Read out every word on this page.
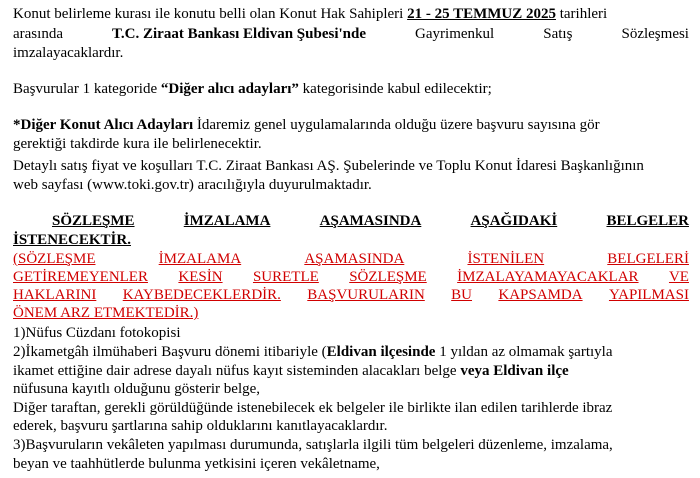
Konut belirleme kurası ile konutu belli olan Konut Hak Sahipleri 21 - 25 TEMMUZ 2025 tarihleri
arasında	T.C. Ziraat Bankası Eldivan Şubesi'nde	Gayrimenkul	Satış	Sözleşmesi
imzalayacaklardır.
Başvurular 1 kategoride “Diğer alıcı adayları” kategorisinde kabul edilecektir;
*Diğer Konut Alıcı Adayları İdaremiz genel uygulamalarında olduğu üzere başvuru sayısına gör
gerektiği takdirde kura ile belirlenecektir.
Detaylı satış fiyat ve koşulları T.C. Ziraat Bankası AŞ. Şubelerinde ve Toplu Konut İdaresi Başkanlığının
web sayfası (www.toki.gov.tr) aracılığıyla duyurulmaktadır.
SÖZLEŞME	İMZALAMA	AŞAMASINDA	AŞAĞIDAKİ	BELGELER
İSTENECEKTİR.
(SÖZLEŞME	İMZALAMA	AŞAMASINDA	İSTENİLEN	BELGELERİ
GETİREMEYENLER KESİN SURETLE SÖZLEŞME İMZALAYAMAYACAKLAR VE
HAKLARINI KAYBEDECEKLERDİR. BAŞVURULARIN BU KAPSAMDA YAPILMASI
ÖNEM ARZ ETMEKTEDİR.)
1)Nüfus Cüzdanı fotokopisi
2)İkametgâh ilmühaberi Başvuru dönemi itibariyle (Eldivan ilçesinde 1 yıldan az olmamak şartıyla
ikamet ettiğine dair adrese dayalı nüfus kayıt sisteminden alacakları belge veya Eldivan ilçe
nüfusuna kayıtlı olduğunu gösterir belge,
Diğer taraftan, gerekli görüldüğünde istenebilecek ek belgeler ile birlikte ilan edilen tarihlerde ibraz
ederek, başvuru şartlarına sahip olduklarını kanıtlayacaklardır.
3)Başvuruların vekâleten yapılması durumunda, satışlarla ilgili tüm belgeleri düzenleme, imzalama,
beyan ve taahhütlerde bulunma yetkisini içeren vekâletname,
